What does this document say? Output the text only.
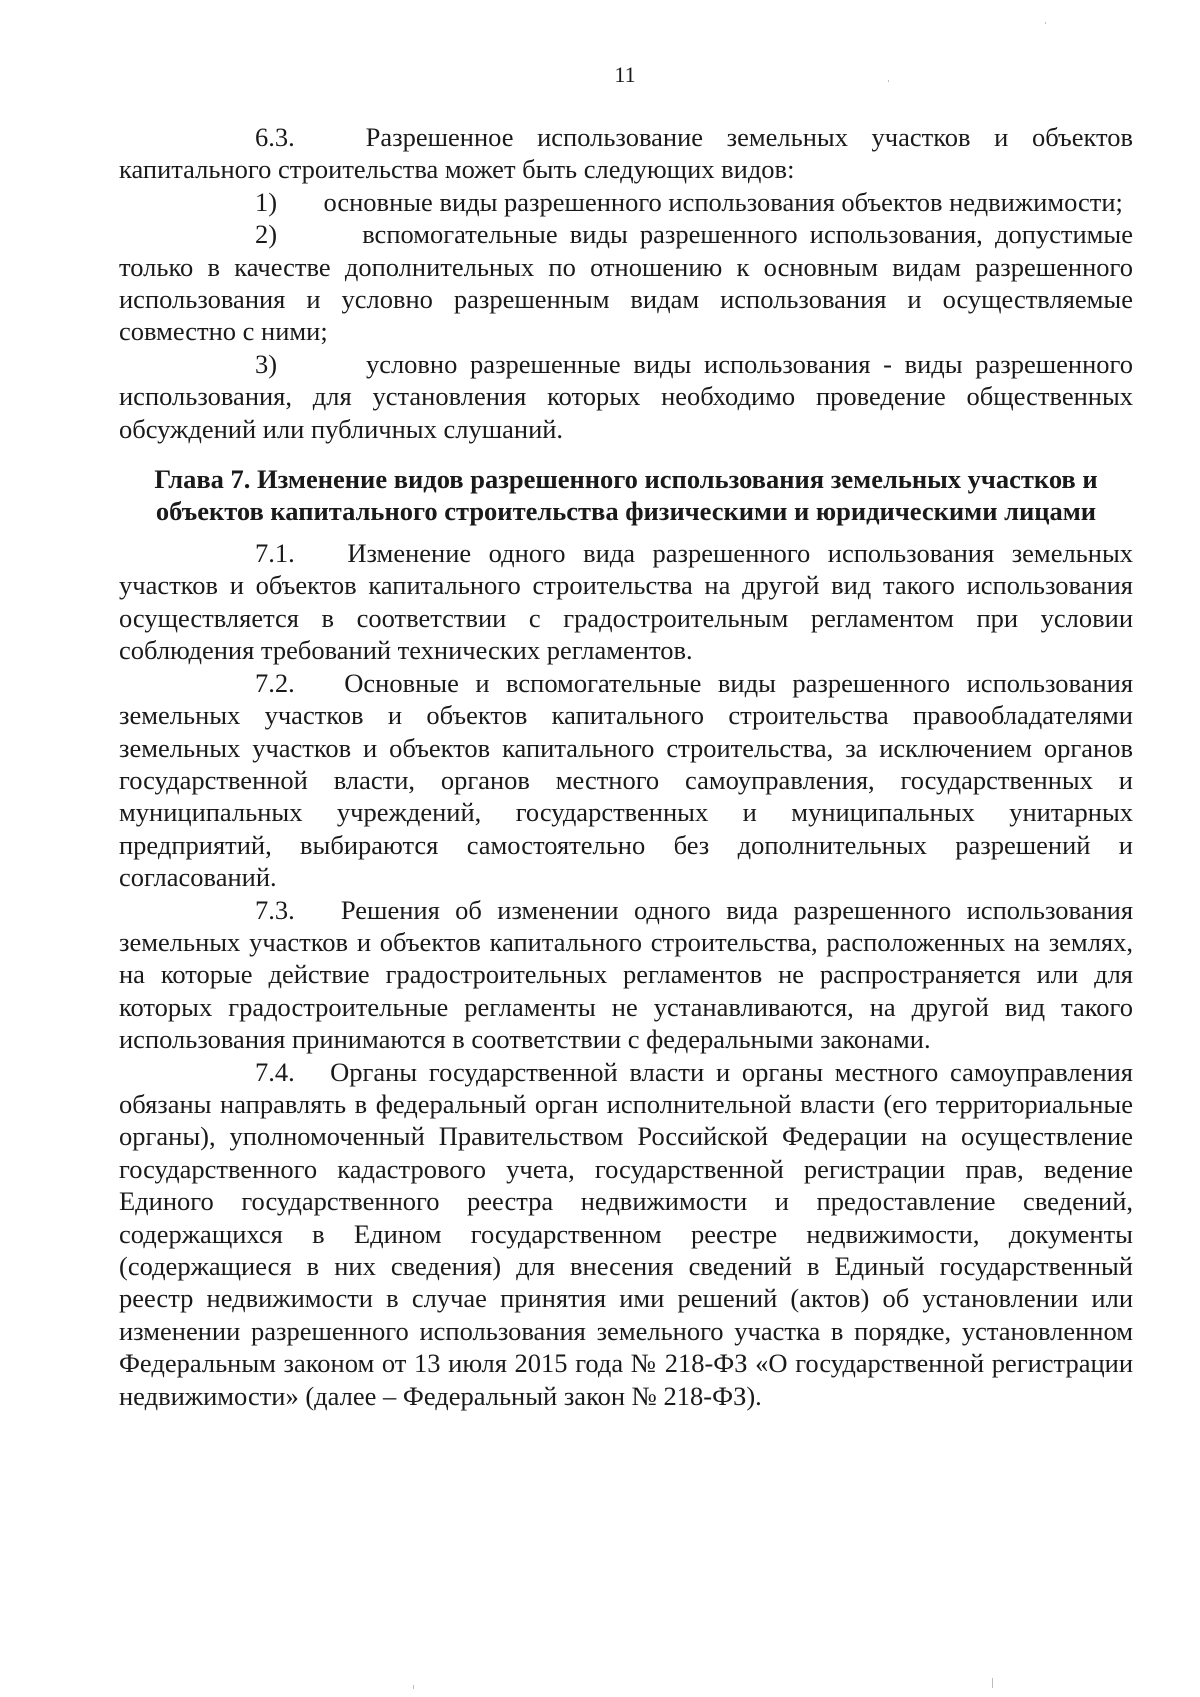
11

6.3.	Разрешенное использование земельных участков и объектов капитального строительства может быть следующих видов:

1) основные виды разрешенного использования объектов недвижимости;

2)	вспомогательные виды разрешенного использования, допустимые только в качестве дополнительных по отношению к основным видам разрешенного использования и условно разрешенным видам использования и осуществляемые совместно с ними;

3)	условно разрешенные виды использования - виды разрешенного использования, для установления которых необходимо проведение общественных обсуждений или публичных слушаний.

Глава 7. Изменение видов разрешенного использования земельных участков и объектов капитального строительства физическими и юридическими лицами

7.1. Изменение одного вида разрешенного использования земельных участков и объектов капитального строительства на другой вид такого использования осуществляется в соответствии с градостроительным регламентом при условии соблюдения требований технических регламентов.

7.2. Основные и вспомогательные виды разрешенного использования земельных участков и объектов капитального строительства правообладателями земельных участков и объектов капитального строительства, за исключением органов государственной власти, органов местного самоуправления, государственных и муниципальных учреждений, государственных и муниципальных унитарных предприятий, выбираются самостоятельно без дополнительных разрешений и согласований.

7.3. Решения об изменении одного вида разрешенного использования земельных участков и объектов капитального строительства, расположенных на землях, на которые действие градостроительных регламентов не распространяется или для которых градостроительные регламенты не устанавливаются, на другой вид такого использования принимаются в соответствии с федеральными законами.

7.4. Органы государственной власти и органы местного самоуправления обязаны направлять в федеральный орган исполнительной власти (его территориальные органы), уполномоченный Правительством Российской Федерации на осуществление государственного кадастрового учета, государственной регистрации прав, ведение Единого государственного реестра недвижимости и предоставление сведений, содержащихся в Едином государственном реестре недвижимости, документы (содержащиеся в них сведения) для внесения сведений в Единый государственный реестр недвижимости в случае принятия ими решений (актов) об установлении или изменении разрешенного использования земельного участка в порядке, установленном Федеральным законом от 13 июля 2015 года № 218-ФЗ «О государственной регистрации недвижимости» (далее – Федеральный закон № 218-ФЗ).
